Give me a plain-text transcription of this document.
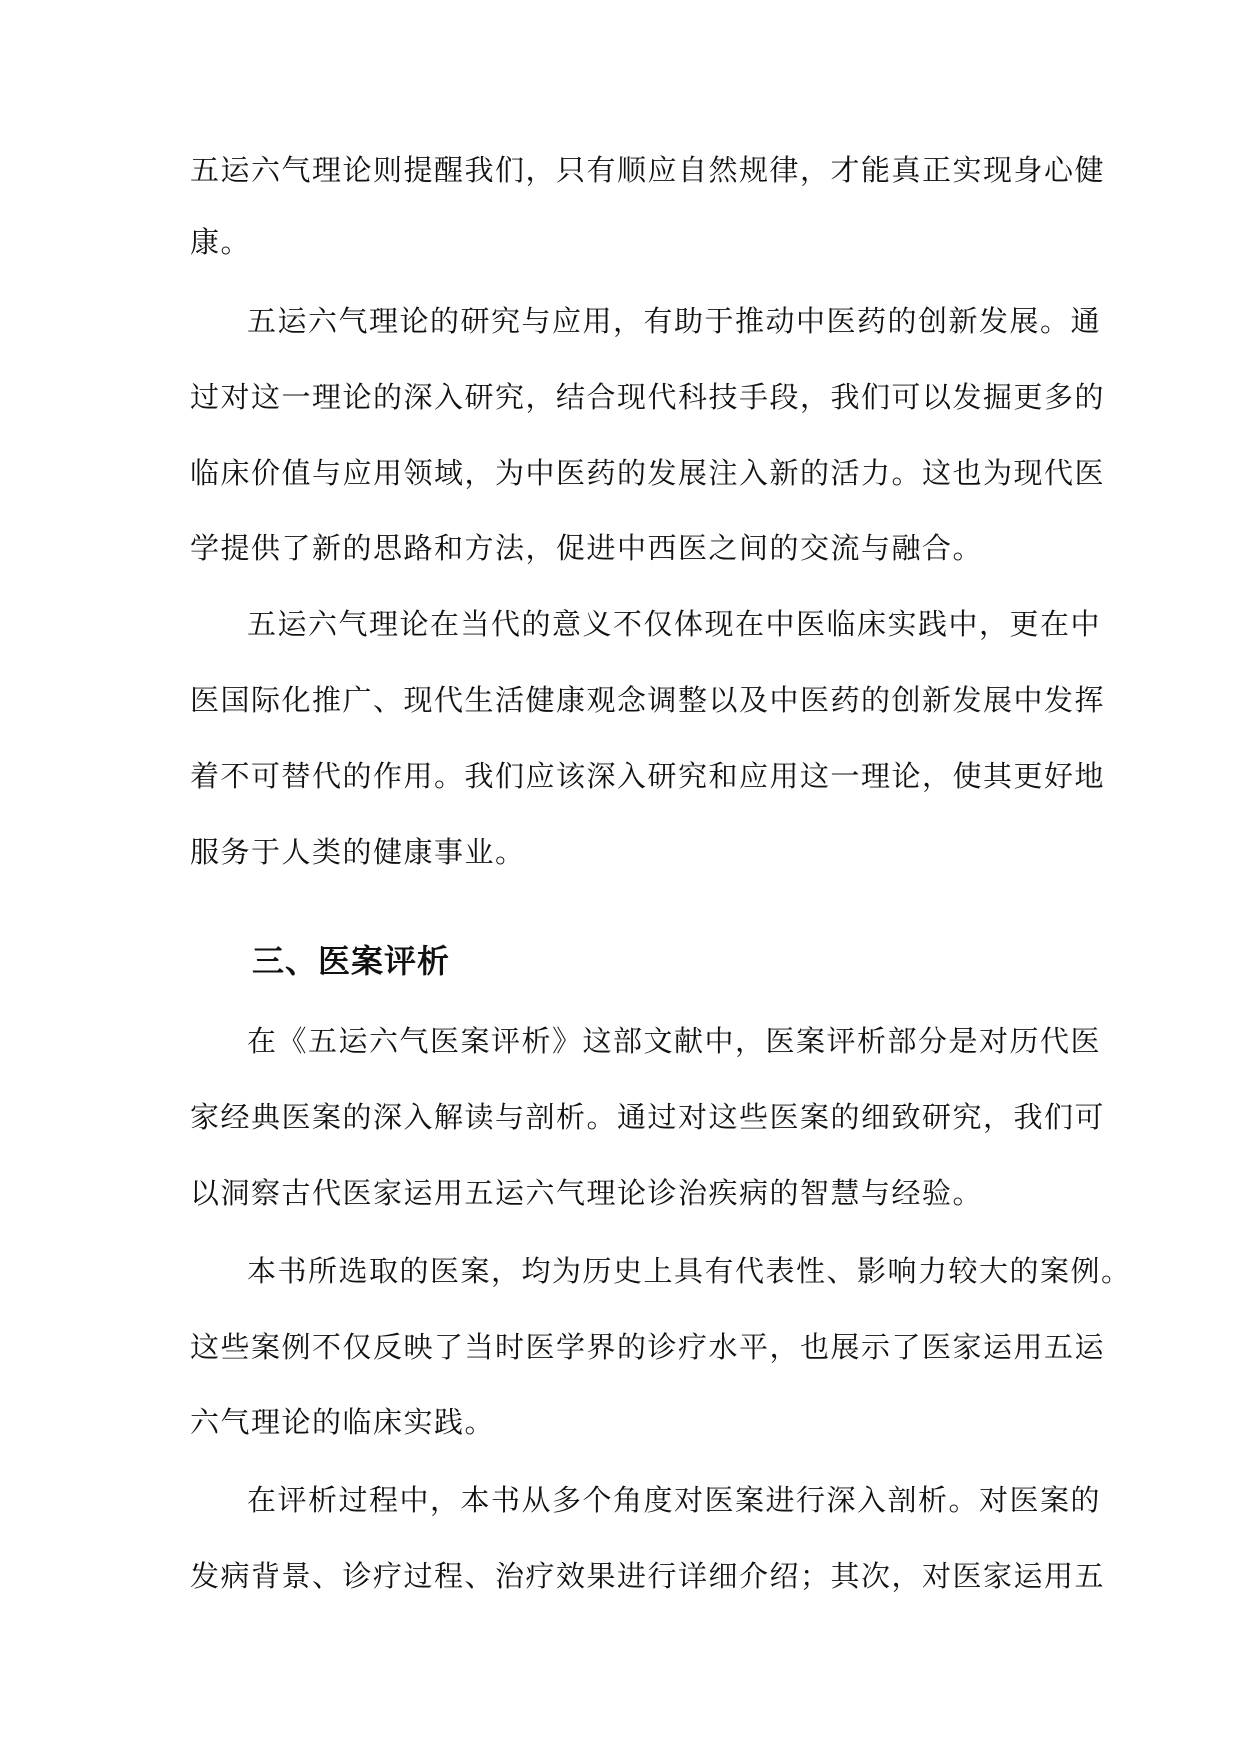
五运六气理论则提醒我们，只有顺应自然规律，才能真正实现身心健
康。
五运六气理论的研究与应用，有助于推动中医药的创新发展。通
过对这一理论的深入研究，结合现代科技手段，我们可以发掘更多的
临床价值与应用领域，为中医药的发展注入新的活力。这也为现代医
学提供了新的思路和方法，促进中西医之间的交流与融合。
五运六气理论在当代的意义不仅体现在中医临床实践中，更在中
医国际化推广、现代生活健康观念调整以及中医药的创新发展中发挥
着不可替代的作用。我们应该深入研究和应用这一理论，使其更好地
服务于人类的健康事业。
三、医案评析
在《五运六气医案评析》这部文献中，医案评析部分是对历代医
家经典医案的深入解读与剖析。通过对这些医案的细致研究，我们可
以洞察古代医家运用五运六气理论诊治疾病的智慧与经验。
本书所选取的医案，均为历史上具有代表性、影响力较大的案例。
这些案例不仅反映了当时医学界的诊疗水平，也展示了医家运用五运
六气理论的临床实践。
在评析过程中，本书从多个角度对医案进行深入剖析。对医案的
发病背景、诊疗过程、治疗效果进行详细介绍；其次，对医家运用五
